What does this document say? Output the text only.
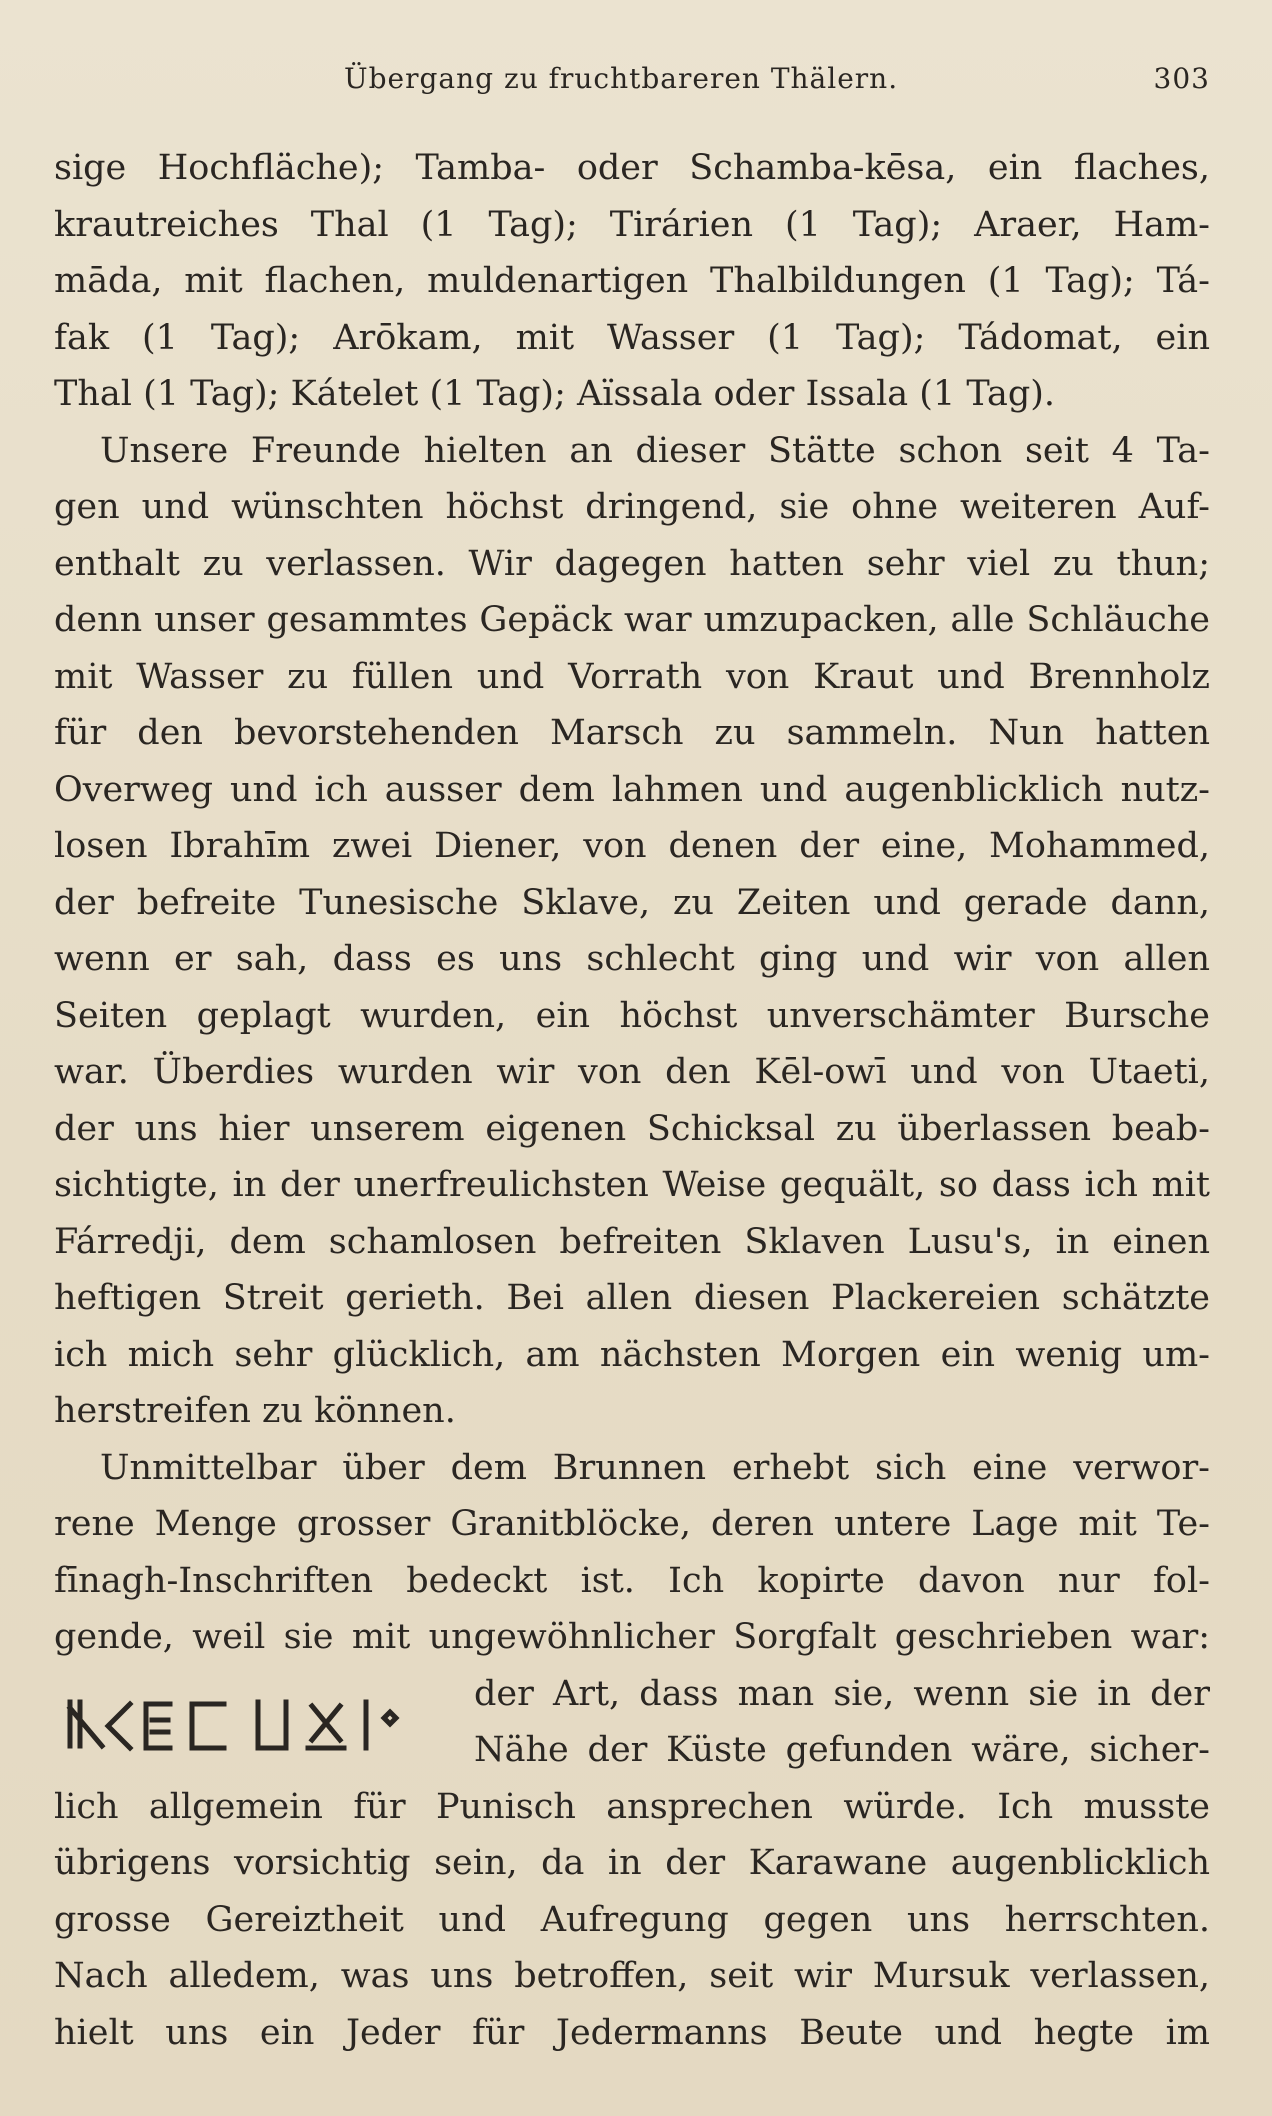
Übergang zu fruchtbareren Thälern.	303
sige Hochfläche); Tamba- oder Schamba-kēsa, ein flaches,
krautreiches Thal (1 Tag); Tirárien (1 Tag); Araer, Ham-
māda, mit flachen, muldenartigen Thalbildungen (1 Tag); Tá-
fak (1 Tag); Arōkam, mit Wasser (1 Tag); Tádomat, ein
Thal (1 Tag); Kátelet (1 Tag); Aïssala oder Issala (1 Tag).
Unsere Freunde hielten an dieser Stätte schon seit 4 Ta-
gen und wünschten höchst dringend, sie ohne weiteren Auf-
enthalt zu verlassen. Wir dagegen hatten sehr viel zu thun;
denn unser gesammtes Gepäck war umzupacken, alle Schläuche
mit Wasser zu füllen und Vorrath von Kraut und Brennholz
für den bevorstehenden Marsch zu sammeln. Nun hatten
Overweg und ich ausser dem lahmen und augenblicklich nutz-
losen Ibrahīm zwei Diener, von denen der eine, Mohammed,
der befreite Tunesische Sklave, zu Zeiten und gerade dann,
wenn er sah, dass es uns schlecht ging und wir von allen
Seiten geplagt wurden, ein höchst unverschämter Bursche
war. Überdies wurden wir von den Kēl-owī und von Utaeti,
der uns hier unserem eigenen Schicksal zu überlassen beab-
sichtigte, in der unerfreulichsten Weise gequält, so dass ich mit
Fárredji, dem schamlosen befreiten Sklaven Lusu's, in einen
heftigen Streit gerieth. Bei allen diesen Plackereien schätzte
ich mich sehr glücklich, am nächsten Morgen ein wenig um-
herstreifen zu können.
Unmittelbar über dem Brunnen erhebt sich eine verwor-
rene Menge grosser Granitblöcke, deren untere Lage mit Te-
fīnagh-Inschriften bedeckt ist. Ich kopirte davon nur fol-
gende, weil sie mit ungewöhnlicher Sorgfalt geschrieben war:
der Art, dass man sie, wenn sie in der
Nähe der Küste gefunden wäre, sicher-
lich allgemein für Punisch ansprechen würde. Ich musste
übrigens vorsichtig sein, da in der Karawane augenblicklich
grosse Gereiztheit und Aufregung gegen uns herrschten.
Nach alledem, was uns betroffen, seit wir Mursuk verlassen,
hielt uns ein Jeder für Jedermanns Beute und hegte im
